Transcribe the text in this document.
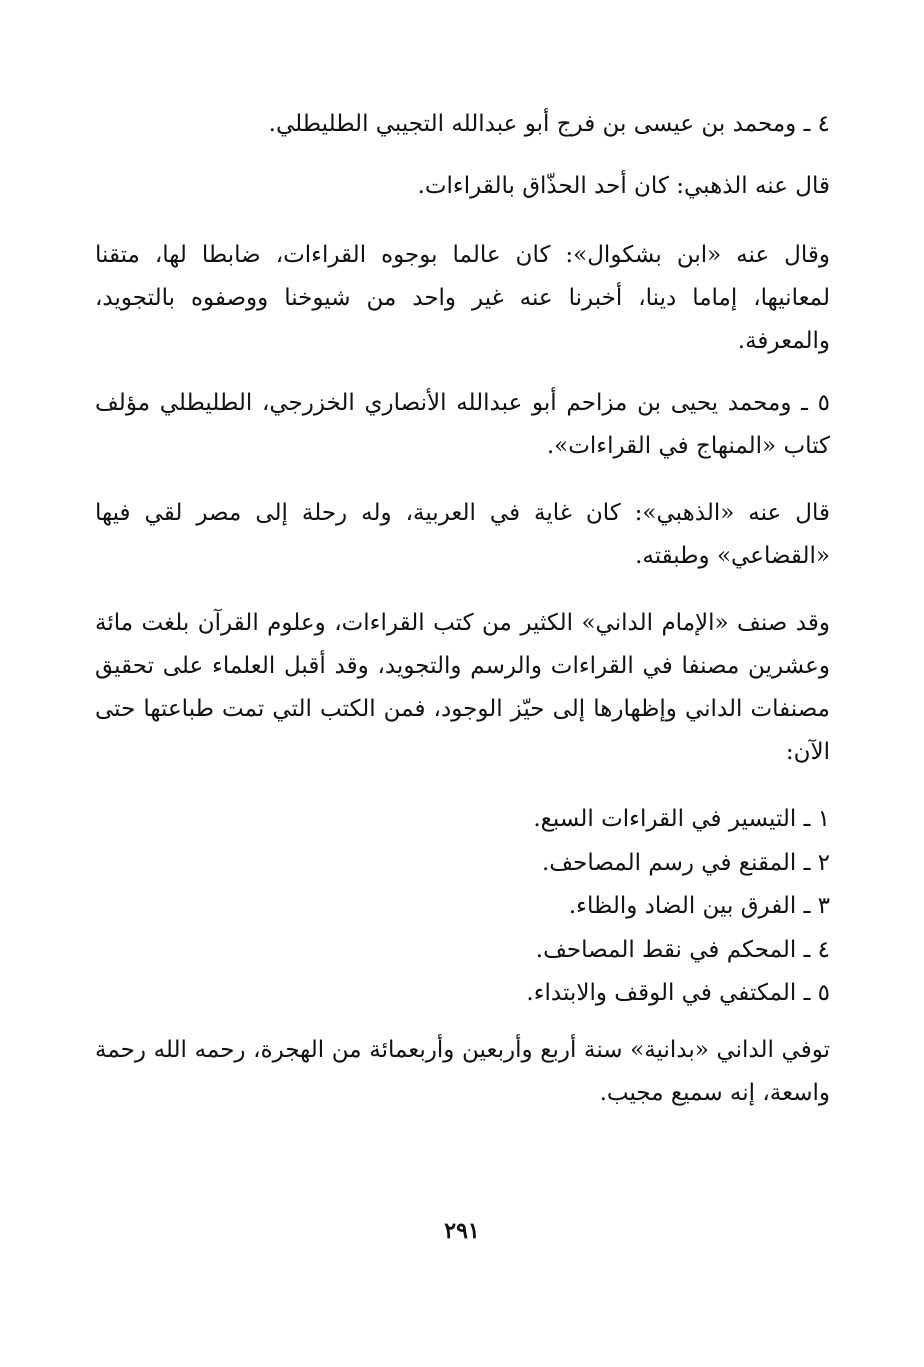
٤ ـ ومحمد بن عيسى بن فرج أبو عبدالله التجيبي الطليطلي.
قال عنه الذهبي: كان أحد الحذّاق بالقراءات.
وقال عنه «ابن بشكوال»: كان عالما بوجوه القراءات، ضابطا لها، متقنا لمعانيها، إماما دينا، أخبرنا عنه غير واحد من شيوخنا ووصفوه بالتجويد، والمعرفة.
٥ ـ ومحمد يحيى بن مزاحم أبو عبدالله الأنصاري الخزرجي، الطليطلي مؤلف كتاب «المنهاج في القراءات».
قال عنه «الذهبي»: كان غاية في العربية، وله رحلة إلى مصر لقي فيها «القضاعي» وطبقته.
وقد صنف «الإمام الداني» الكثير من كتب القراءات، وعلوم القرآن بلغت مائة وعشرين مصنفا في القراءات والرسم والتجويد، وقد أقبل العلماء على تحقيق مصنفات الداني وإظهارها إلى حيّز الوجود، فمن الكتب التي تمت طباعتها حتى الآن:
١ ـ التيسير في القراءات السبع.
٢ ـ المقنع في رسم المصاحف.
٣ ـ الفرق بين الضاد والظاء.
٤ ـ المحكم في نقط المصاحف.
٥ ـ المكتفي في الوقف والابتداء.
توفي الداني «بدانية» سنة أربع وأربعين وأربعمائة من الهجرة، رحمه الله رحمة واسعة، إنه سميع مجيب.
٢٩١
